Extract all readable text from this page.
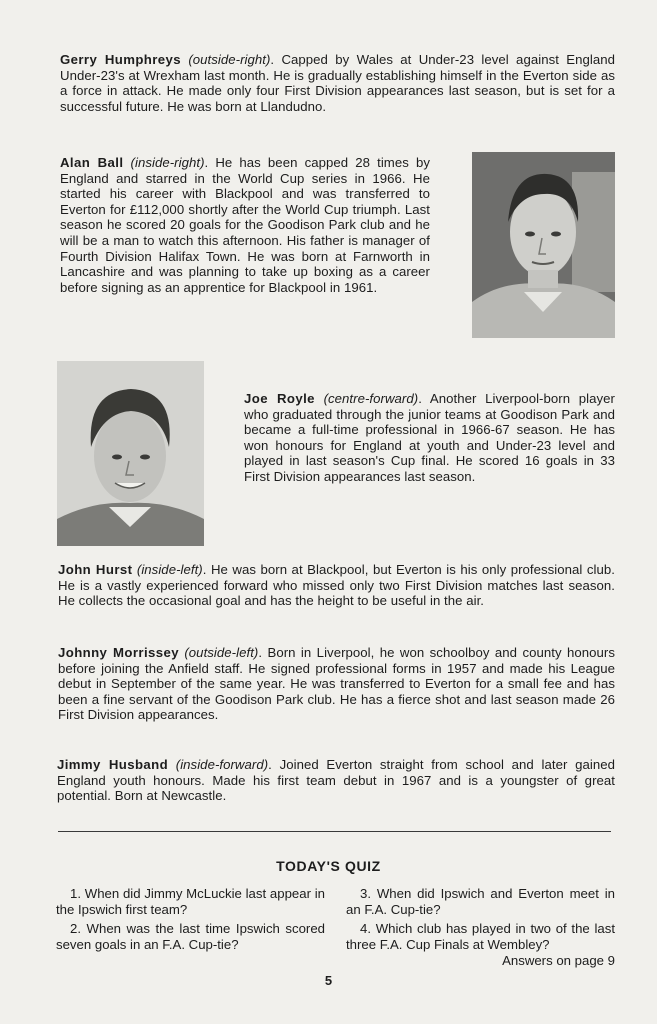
Gerry Humphreys (outside-right). Capped by Wales at Under-23 level against England Under-23's at Wrexham last month. He is gradually establishing himself in the Everton side as a force in attack. He made only four First Division appearances last season, but is set for a successful future. He was born at Llandudno.
Alan Ball (inside-right). He has been capped 28 times by England and starred in the World Cup series in 1966. He started his career with Blackpool and was transferred to Everton for £112,000 shortly after the World Cup triumph. Last season he scored 20 goals for the Goodison Park club and he will be a man to watch this afternoon. His father is manager of Fourth Division Halifax Town. He was born at Farnworth in Lancashire and was planning to take up boxing as a career before signing as an apprentice for Blackpool in 1961.
Joe Royle (centre-forward). Another Liverpool-born player who graduated through the junior teams at Goodison Park and became a full-time professional in 1966-67 season. He has won honours for England at youth and Under-23 level and played in last season's Cup final. He scored 16 goals in 33 First Division appearances last season.
John Hurst (inside-left). He was born at Blackpool, but Everton is his only professional club. He is a vastly experienced forward who missed only two First Division matches last season. He collects the occasional goal and has the height to be useful in the air.
Johnny Morrissey (outside-left). Born in Liverpool, he won schoolboy and county honours before joining the Anfield staff. He signed professional forms in 1957 and made his League debut in September of the same year. He was transferred to Everton for a small fee and has been a fine servant of the Goodison Park club. He has a fierce shot and last season made 26 First Division appearances.
Jimmy Husband (inside-forward). Joined Everton straight from school and later gained England youth honours. Made his first team debut in 1967 and is a youngster of great potential. Born at Newcastle.
TODAY'S QUIZ
1. When did Jimmy McLuckie last appear in the Ipswich first team?
2. When was the last time Ipswich scored seven goals in an F.A. Cup-tie?
3. When did Ipswich and Everton meet in an F.A. Cup-tie?
4. Which club has played in two of the last three F.A. Cup Finals at Wembley?
Answers on page 9
5
